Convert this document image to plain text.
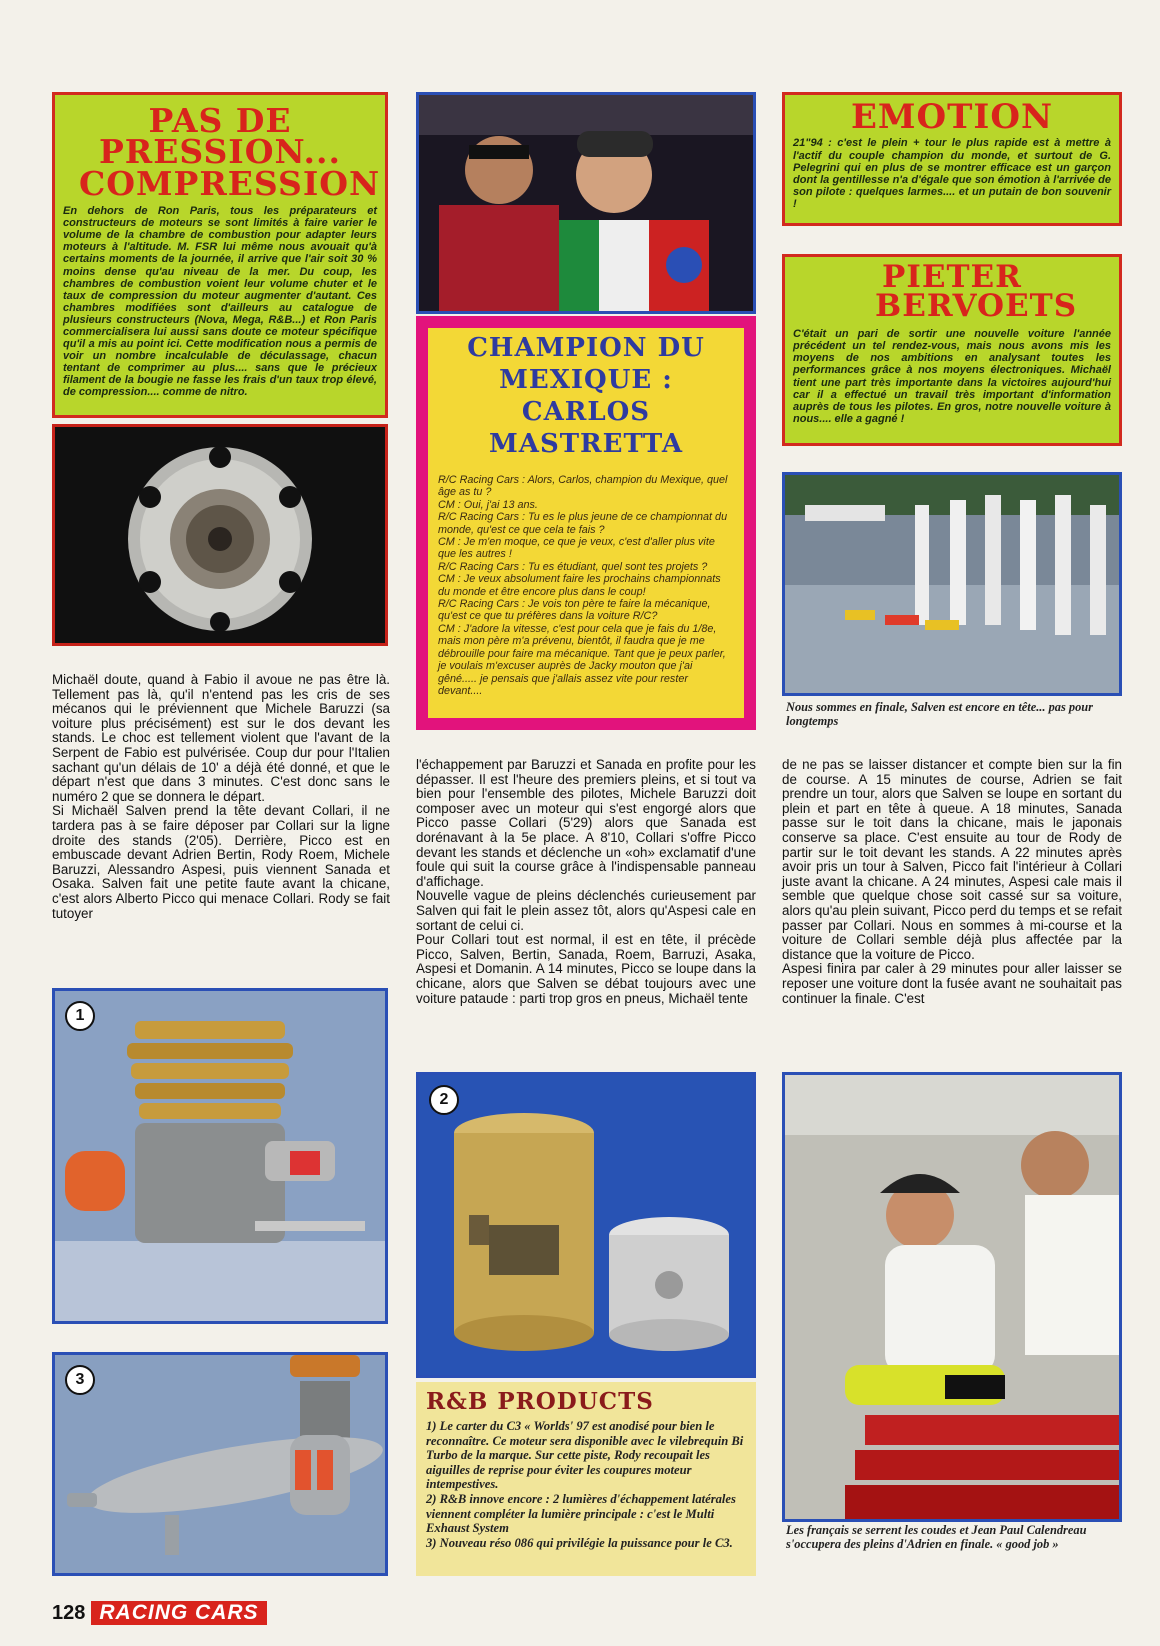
PAS DE PRESSION... COMPRESSION
En dehors de Ron Paris, tous les préparateurs et constructeurs de moteurs se sont limités à faire varier le volume de la chambre de combustion pour adapter leurs moteurs à l'altitude. M. FSR lui même nous avouait qu'à certains moments de la journée, il arrive que l'air soit 30 % moins dense qu'au niveau de la mer. Du coup, les chambres de combustion voient leur volume chuter et le taux de compression du moteur augmenter d'autant. Ces chambres modifiées sont d'ailleurs au catalogue de plusieurs constructeurs (Nova, Mega, R&B...) et Ron Paris commercialisera lui aussi sans doute ce moteur spécifique qu'il a mis au point ici. Cette modification nous a permis de voir un nombre incalculable de déculassage, chacun tentant de comprimer au plus.... sans que le précieux filament de la bougie ne fasse les frais d'un taux trop élevé, de compression.... comme de nitro.

Michaël doute, quand à Fabio il avoue ne pas être là. Tellement pas là, qu'il n'entend pas les cris de ses mécanos qui le préviennent que Michele Baruzzi (sa voiture plus précisément) est sur le dos devant les stands. Le choc est tellement violent que l'avant de la Serpent de Fabio est pulvérisée. Coup dur pour l'Italien sachant qu'un délais de 10' a déjà été donné, et que le départ n'est que dans 3 minutes. C'est donc sans le numéro 2 que se donnera le départ.

Si Michaël Salven prend la tête devant Collari, il ne tardera pas à se faire déposer par Collari sur la ligne droite des stands (2'05). Derrière, Picco est en embuscade devant Adrien Bertin, Rody Roem, Michele Baruzzi, Alessandro Aspesi, puis viennent Sanada et Osaka. Salven fait une petite faute avant la chicane, c'est alors Alberto Picco qui menace Collari. Rody se fait tutoyer

1
3
CHAMPION DU MEXIQUE : CARLOS MASTRETTA

R/C Racing Cars : Alors, Carlos, champion du Mexique, quel âge as tu ?

CM : Oui, j'ai 13 ans.

R/C Racing Cars : Tu es le plus jeune de ce championnat du monde, qu'est ce que cela te fais ?

CM : Je m'en moque, ce que je veux, c'est d'aller plus vite que les autres !

R/C Racing Cars : Tu es étudiant, quel sont tes projets ?

CM : Je veux absolument faire les prochains championnats du monde et être encore plus dans le coup!

R/C Racing Cars : Je vois ton père te faire la mécanique, qu'est ce que tu préfères dans la voiture R/C?

CM : J'adore la vitesse, c'est pour cela que je fais du 1/8e, mais mon père m'a prévenu, bientôt, il faudra que je me débrouille pour faire ma mécanique. Tant que je peux parler, je voulais m'excuser auprès de Jacky mouton que j'ai gêné..... je pensais que j'allais assez vite pour rester devant....

l'échappement par Baruzzi et Sanada en profite pour les dépasser. Il est l'heure des premiers pleins, et si tout va bien pour l'ensemble des pilotes, Michele Baruzzi doit composer avec un moteur qui s'est engorgé alors que Picco passe Collari (5'29) alors que Sanada est dorénavant à la 5e place. A 8'10, Collari s'offre Picco devant les stands et déclenche un «oh» exclamatif d'une foule qui suit la course grâce à l'indispensable panneau d'affichage.

Nouvelle vague de pleins déclenchés curieusement par Salven qui fait le plein assez tôt, alors qu'Aspesi cale en sortant de celui ci.

Pour Collari tout est normal, il est en tête, il précède Picco, Salven, Bertin, Sanada, Roem, Barruzi, Asaka, Aspesi et Domanin. A 14 minutes, Picco se loupe dans la chicane, alors que Salven se débat toujours avec une voiture pataude : parti trop gros en pneus, Michaël tente

2
R&B PRODUCTS

1) Le carter du C3 « Worlds' 97 est anodisé pour bien le reconnaître. Ce moteur sera disponible avec le vilebrequin Bi Turbo de la marque. Sur cette piste, Rody recoupait les aiguilles de reprise pour éviter les coupures moteur intempestives.

2) R&B innove encore : 2 lumières d'échappement latérales viennent compléter la lumière principale : c'est le Multi Exhaust System

3) Nouveau réso 086 qui privilégie la puissance pour le C3.

EMOTION
21"94 : c'est le plein + tour le plus rapide est à mettre à l'actif du couple champion du monde, et surtout de G. Pelegrini qui en plus de se montrer efficace est un garçon dont la gentillesse n'a d'égale que son émotion à l'arrivée de son pilote : quelques larmes.... et un putain de bon souvenir !
PIETER BERVOETS
C'était un pari de sortir une nouvelle voiture l'année précédent un tel rendez-vous, mais nous avons mis les moyens de nos ambitions en analysant toutes les performances grâce à nos moyens électroniques. Michaël tient une part très importante dans la victoires aujourd'hui car il a effectué un travail très important d'information auprès de tous les pilotes. En gros, notre nouvelle voiture à nous.... elle a gagné !
Nous sommes en finale, Salven est encore en tête... pas pour longtemps

de ne pas se laisser distancer et compte bien sur la fin de course. A 15 minutes de course, Adrien se fait prendre un tour, alors que Salven se loupe en sortant du plein et part en tête à queue. A 18 minutes, Sanada passe sur le toit dans la chicane, mais le japonais conserve sa place. C'est ensuite au tour de Rody de partir sur le toit devant les stands. A 22 minutes après avoir pris un tour à Salven, Picco fait l'intérieur à Collari juste avant la chicane. A 24 minutes, Aspesi cale mais il semble que quelque chose soit cassé sur sa voiture, alors qu'au plein suivant, Picco perd du temps et se refait passer par Collari. Nous en sommes à mi-course et la voiture de Collari semble déjà plus affectée par la distance que la voiture de Picco.

Aspesi finira par caler à 29 minutes pour aller laisser se reposer une voiture dont la fusée avant ne souhaitait pas continuer la finale. C'est

Les français se serrent les coudes et Jean Paul Calendreau s'occupera des pleins d'Adrien en finale. « good job »
128 RACING CARS
